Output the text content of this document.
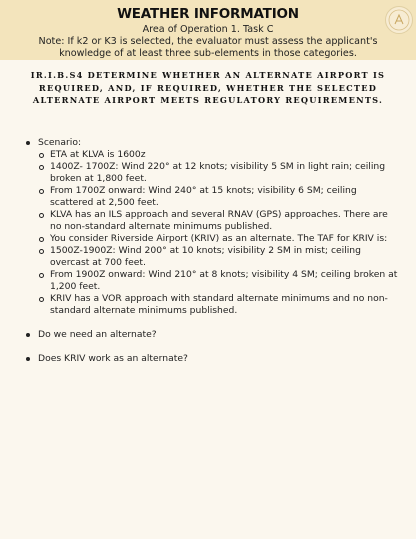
WEATHER INFORMATION
Area of Operation 1. Task C
Note: If k2 or K3 is selected, the evaluator must assess the applicant's knowledge of at least three sub-elements in those categories.
IR.I.B.S4 DETERMINE WHETHER AN ALTERNATE AIRPORT IS REQUIRED, AND, IF REQUIRED, WHETHER THE SELECTED ALTERNATE AIRPORT MEETS REGULATORY REQUIREMENTS.
Scenario:
ETA at KLVA is 1600z
1400Z- 1700Z: Wind 220° at 12 knots; visibility 5 SM in light rain; ceiling broken at 1,800 feet.
From 1700Z onward: Wind 240° at 15 knots; visibility 6 SM; ceiling scattered at 2,500 feet.
KLVA has an ILS approach and several RNAV (GPS) approaches. There are no non-standard alternate minimums published.
You consider Riverside Airport (KRIV) as an alternate. The TAF for KRIV is:
1500Z-1900Z: Wind 200° at 10 knots; visibility 2 SM in mist; ceiling overcast at 700 feet.
From 1900Z onward: Wind 210° at 8 knots; visibility 4 SM; ceiling broken at 1,200 feet.
KRIV has a VOR approach with standard alternate minimums and no non-standard alternate minimums published.
Do we need an alternate?
Does KRIV work as an alternate?
